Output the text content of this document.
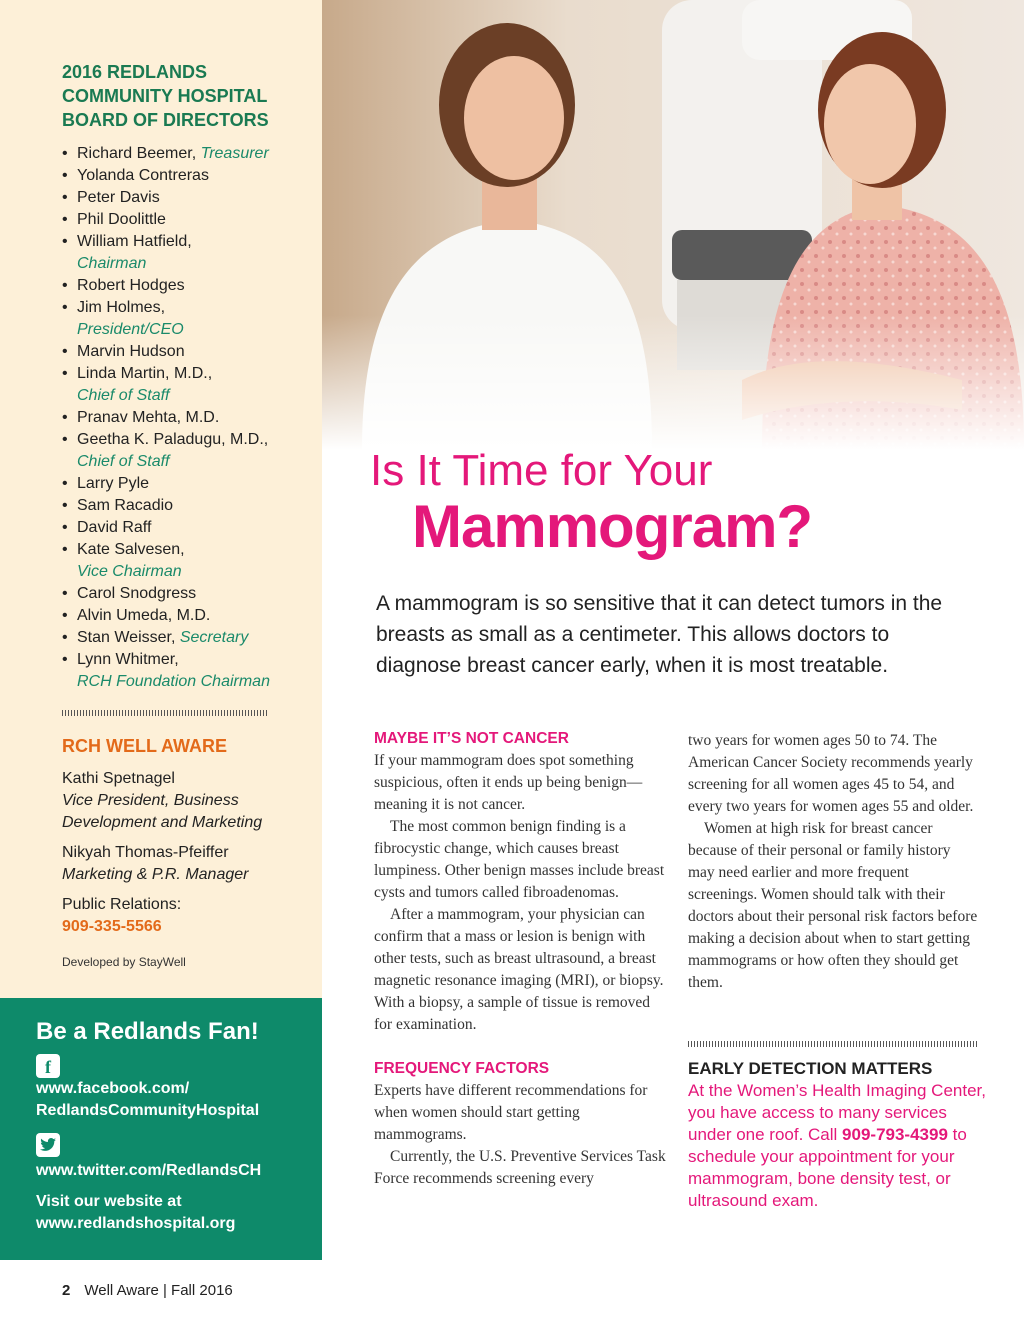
2016 REDLANDS COMMUNITY HOSPITAL BOARD OF DIRECTORS
• Richard Beemer, Treasurer
• Yolanda Contreras
• Peter Davis
• Phil Doolittle
• William Hatfield,
Chairman
• Robert Hodges
• Jim Holmes,
President/CEO
• Marvin Hudson
• Linda Martin, M.D.,
Chief of Staff
• Pranav Mehta, M.D.
• Geetha K. Paladugu, M.D.,
Chief of Staff
• Larry Pyle
• Sam Racadio
• David Raff
• Kate Salvesen,
Vice Chairman
• Carol Snodgress
• Alvin Umeda, M.D.
• Stan Weisser, Secretary
• Lynn Whitmer,
RCH Foundation Chairman
RCH WELL AWARE
Kathi Spetnagel
Vice President, Business Development and Marketing
Nikyah Thomas-Pfeiffer
Marketing & P.R. Manager
Public Relations:
909-335-5566
Developed by StayWell
Be a Redlands Fan!
f
www.facebook.com/
RedlandsCommunityHospital
www.twitter.com/RedlandsCH
Visit our website at
www.redlandshospital.org
2 Well Aware | Fall 2016
Is It Time for Your
Mammogram?
A mammogram is so sensitive that it can detect tumors in the breasts as small as a centimeter. This allows doctors to diagnose breast cancer early, when it is most treatable.
MAYBE IT’S NOT CANCER

If your mammogram does spot something suspicious, often it ends up being benign—meaning it is not cancer.

The most common benign finding is a fibrocystic change, which causes breast lumpiness. Other benign masses include breast cysts and tumors called fibroadenomas.

After a mammogram, your physician can confirm that a mass or lesion is benign with other tests, such as breast ultrasound, a breast magnetic resonance imaging (MRI), or biopsy. With a biopsy, a sample of tissue is removed for examination.

FREQUENCY FACTORS

Experts have different recommendations for when women should start getting mammograms.

Currently, the U.S. Preventive Services Task Force recommends screening every

two years for women ages 50 to 74. The American Cancer Society recommends yearly screening for all women ages 45 to 54, and every two years for women ages 55 and older.

Women at high risk for breast cancer because of their personal or family history may need earlier and more frequent screenings. Women should talk with their doctors about their personal risk factors before making a decision about when to start getting mammograms or how often they should get them.

EARLY DETECTION MATTERS
At the Women’s Health Imaging Center, you have access to many services under one roof. Call 909-793-4399 to schedule your appointment for your mammogram, bone density test, or ultrasound exam.
